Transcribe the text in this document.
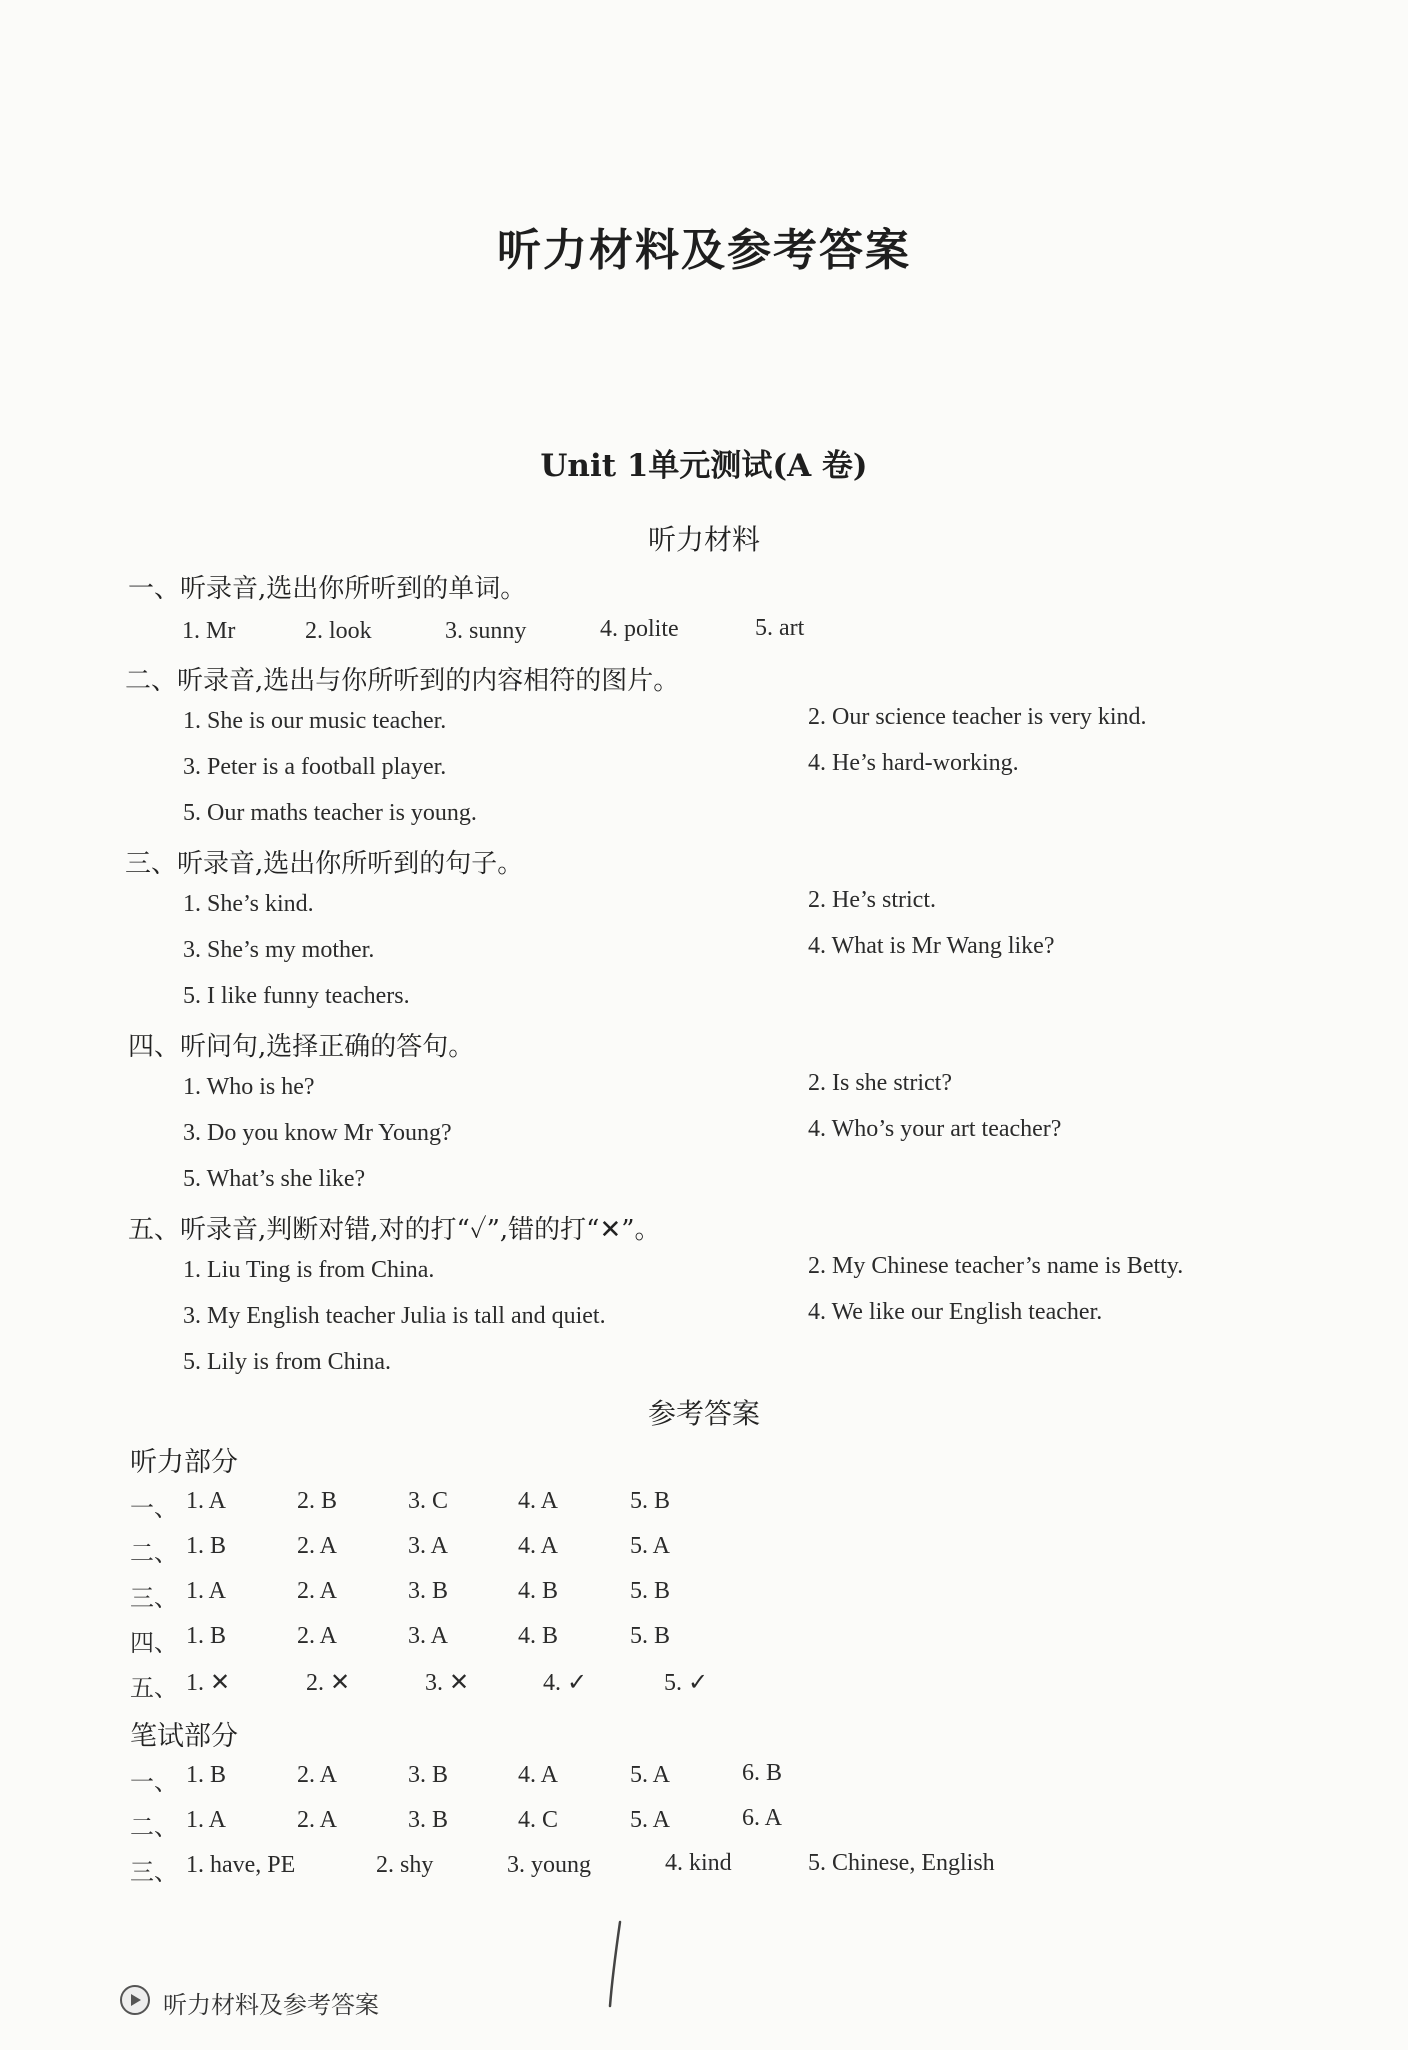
听力材料及参考答案
Unit 1单元测试(A 卷)
听力材料
一、听录音,选出你所听到的单词。
1. Mr	2. look	3. sunny	4. polite	5. art
二、听录音,选出与你所听到的内容相符的图片。
1. She is our music teacher.	2. Our science teacher is very kind.
3. Peter is a football player.	4. He’s hard-working.
5. Our maths teacher is young.
三、听录音,选出你所听到的句子。
1. She’s kind.	2. He’s strict.
3. She’s my mother.	4. What is Mr Wang like?
5. I like funny teachers.
四、听问句,选择正确的答句。
1. Who is he?	2. Is she strict?
3. Do you know Mr Young?	4. Who’s your art teacher?
5. What’s she like?
五、听录音,判断对错,对的打“✓”,错的打“✕”。
1. Liu Ting is from China.	2. My Chinese teacher’s name is Betty.
3. My English teacher Julia is tall and quiet.	4. We like our English teacher.
5. Lily is from China.
参考答案
听力部分
一、 1. A	2. B	3. C	4. A	5. B
二、 1. B	2. A	3. A	4. A	5. A
三、 1. A	2. A	3. B	4. B	5. B
四、 1. B	2. A	3. A	4. B	5. B
五、 1. ✕	2. ✕	3. ✕	4. ✓	5. ✓
笔试部分
一、 1. B	2. A	3. B	4. A	5. A	6. B
二、 1. A	2. A	3. B	4. C	5. A	6. A
三、 1. have, PE	2. shy	3. young	4. kind	5. Chinese, English
听力材料及参考答案
